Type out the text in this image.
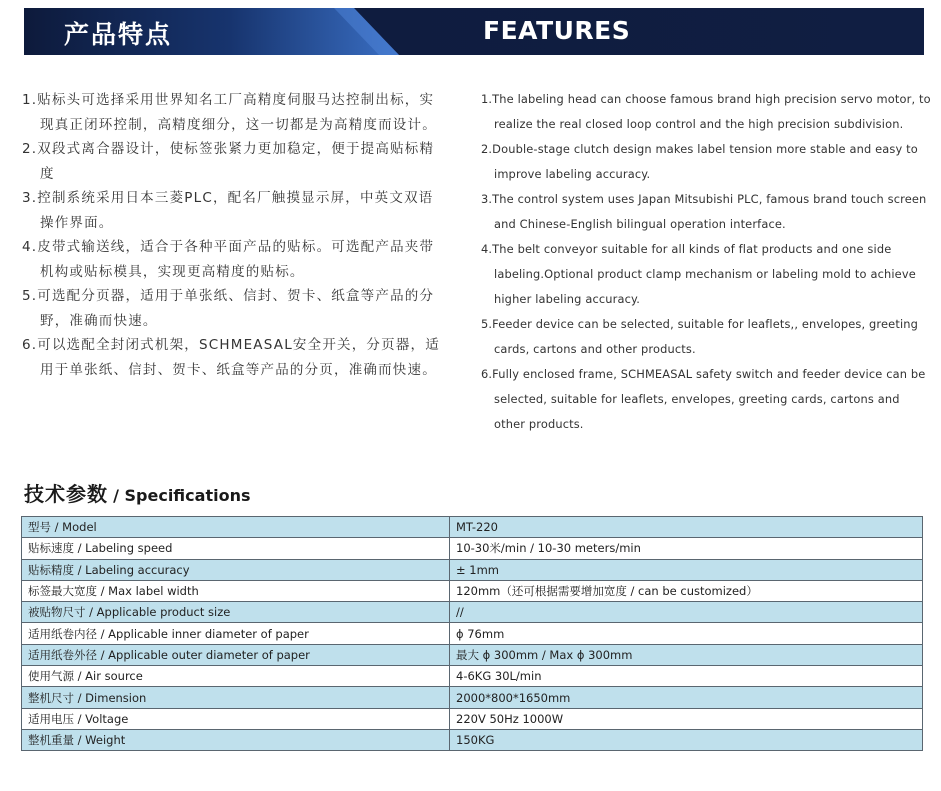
产品特点	FEATURES
1.贴标头可选择采用世界知名工厂高精度伺服马达控制出标，实现真正闭环控制，高精度细分，这一切都是为高精度而设计。
2.双段式离合器设计，使标签张紧力更加稳定，便于提高贴标精度
3.控制系统采用日本三菱PLC，配名厂触摸显示屏，中英文双语操作界面。
4.皮带式输送线，适合于各种平面产品的贴标。可选配产品夹带机构或贴标模具，实现更高精度的贴标。
5.可选配分页器，适用于单张纸、信封、贺卡、纸盒等产品的分野，准确而快速。
6.可以选配全封闭式机架，SCHMEASAL安全开关，分页器，适用于单张纸、信封、贺卡、纸盒等产品的分页，准确而快速。
1.The labeling head can choose famous brand high precision servo motor, to realize the real closed loop control and the high precision subdivision.
2.Double-stage clutch design makes label tension more stable and easy to improve labeling accuracy.
3.The control system uses Japan Mitsubishi PLC, famous brand touch screen and Chinese-English bilingual operation interface.
4.The belt conveyor suitable for all kinds of flat products and one side labeling.Optional product clamp mechanism or labeling mold to achieve higher labeling accuracy.
5.Feeder device can be selected, suitable for leaflets,, envelopes, greeting cards, cartons and other products.
6.Fully enclosed frame, SCHMEASAL safety switch and feeder device can be selected, suitable for leaflets, envelopes, greeting cards, cartons and other products.
技术参数 / Specifications
型号 / Model	MT-220
贴标速度 / Labeling speed	10-30米/min / 10-30 meters/min
贴标精度 / Labeling accuracy	± 1mm
标签最大宽度 / Max label width	120mm（还可根据需要增加宽度 / can be customized）
被贴物尺寸 / Applicable product size	//
适用纸卷内径 / Applicable inner diameter of paper	ϕ 76mm
适用纸卷外径 / Applicable outer diameter of paper	最大 ϕ 300mm / Max ϕ 300mm
使用气源 / Air source	4-6KG 30L/min
整机尺寸 / Dimension	2000*800*1650mm
适用电压 / Voltage	220V 50Hz 1000W
整机重量 / Weight	150KG
